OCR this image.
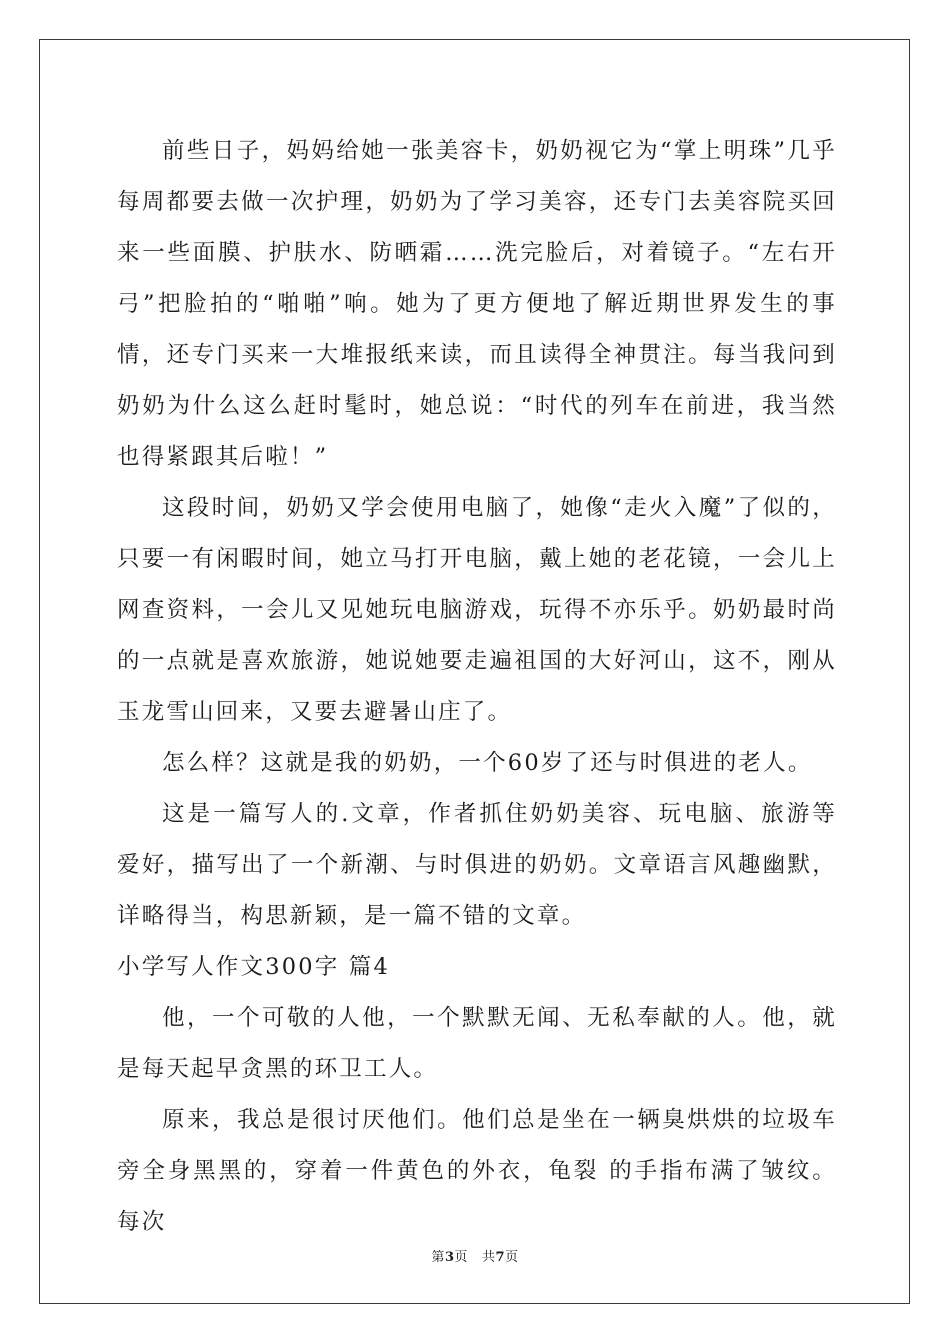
前些日子，妈妈给她一张美容卡，奶奶视它为“掌上明珠”几乎每周都要去做一次护理，奶奶为了学习美容，还专门去美容院买回来一些面膜、护肤水、防晒霜……洗完脸后，对着镜子。“左右开弓”把脸拍的“啪啪”响。她为了更方便地了解近期世界发生的事情，还专门买来一大堆报纸来读，而且读得全神贯注。每当我问到奶奶为什么这么赶时髦时，她总说：“时代的列车在前进，我当然也得紧跟其后啦！”

这段时间，奶奶又学会使用电脑了，她像“走火入魔”了似的，只要一有闲暇时间，她立马打开电脑，戴上她的老花镜，一会儿上网查资料，一会儿又见她玩电脑游戏，玩得不亦乐乎。奶奶最时尚的一点就是喜欢旅游，她说她要走遍祖国的大好河山，这不，刚从玉龙雪山回来，又要去避暑山庄了。

怎么样？这就是我的奶奶，一个60岁了还与时俱进的老人。

这是一篇写人的.文章，作者抓住奶奶美容、玩电脑、旅游等爱好，描写出了一个新潮、与时俱进的奶奶。文章语言风趣幽默，详略得当，构思新颖，是一篇不错的文章。

小学写人作文300字 篇4

他，一个可敬的人他，一个默默无闻、无私奉献的人。他，就是每天起早贪黑的环卫工人。

原来，我总是很讨厌他们。他们总是坐在一辆臭烘烘的垃圾车旁全身黑黑的，穿着一件黄色的外衣，龟裂 的手指布满了皱纹。每次

第3页 共7页
